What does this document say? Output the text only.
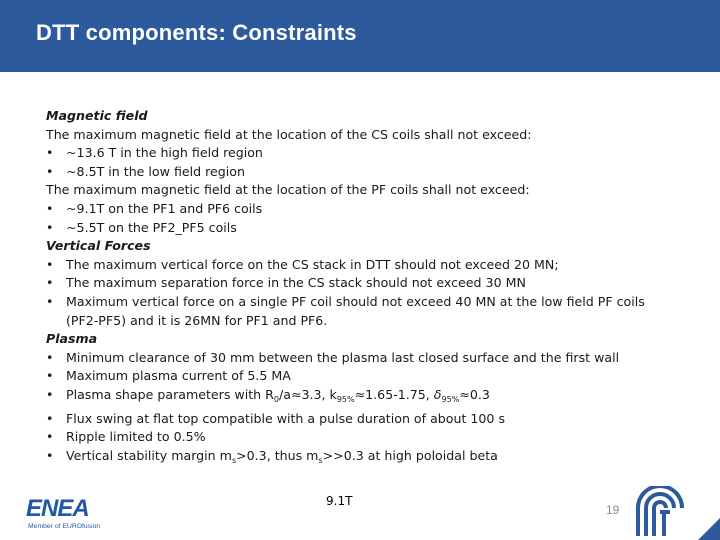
DTT components: Constraints
Magnetic field
The maximum magnetic field at the location of the CS coils shall not exceed:
• ~13.6 T in the high field region
• ~8.5T in the low field region
The maximum magnetic field at the location of the PF coils shall not exceed:
• ~9.1T on the PF1 and PF6 coils
• ~5.5T on the PF2_PF5 coils
Vertical Forces
• The maximum vertical force on the CS stack in DTT should not exceed 20 MN;
• The maximum separation force in the CS stack should not exceed 30 MN
• Maximum vertical force on a single PF coil should not exceed 40 MN at the low field PF coils
(PF2-PF5) and it is 26MN for PF1 and PF6.
Plasma
• Minimum clearance of 30 mm between the plasma last closed surface and the first wall
• Maximum plasma current of 5.5 MA
• Plasma shape parameters with $R_0/a\approx 3.3$, $k_{95\%}\approx 1.65-1.75$, $\delta_{95\%}\approx 0.3$
• Flux swing at flat top compatible with a pulse duration of about 100 s
• Ripple limited to 0.5%
• Vertical stability margin $m_s>0.3$, thus $m_s>>0.3$ at high poloidal beta
9.1T
ENEA
Member of EUROfusion
19
